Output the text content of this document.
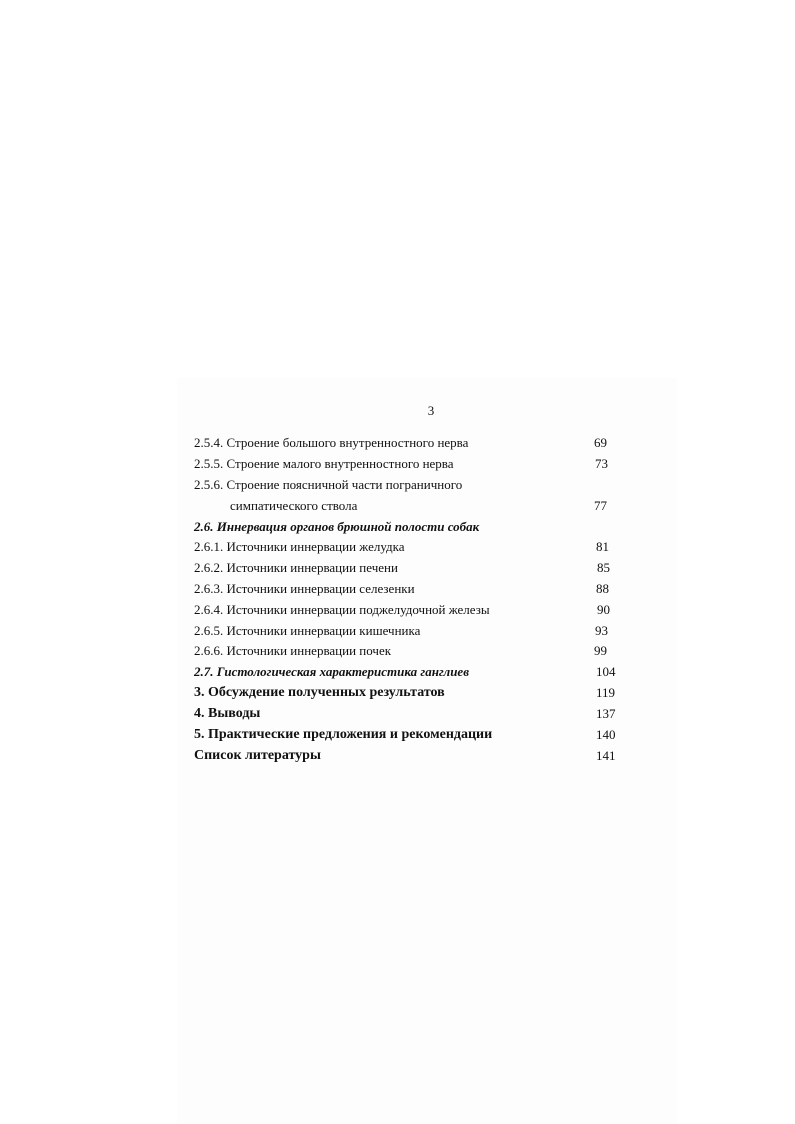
3
2.5.4. Строение большого внутренностного нерва	69
2.5.5. Строение малого внутренностного нерва	73
2.5.6. Строение поясничной части пограничного
симпатического ствола	77
2.6. Иннервация органов брюшной полости собак
2.6.1. Источники иннервации желудка	81
2.6.2. Источники иннервации печени	85
2.6.3. Источники иннервации селезенки	88
2.6.4. Источники иннервации поджелудочной железы	90
2.6.5. Источники иннервации кишечника	93
2.6.6. Источники иннервации почек	99
2.7. Гистологическая характеристика ганглиев	104
3. Обсуждение полученных результатов	119
4. Выводы	137
5. Практические предложения и рекомендации	140
Список литературы	141
